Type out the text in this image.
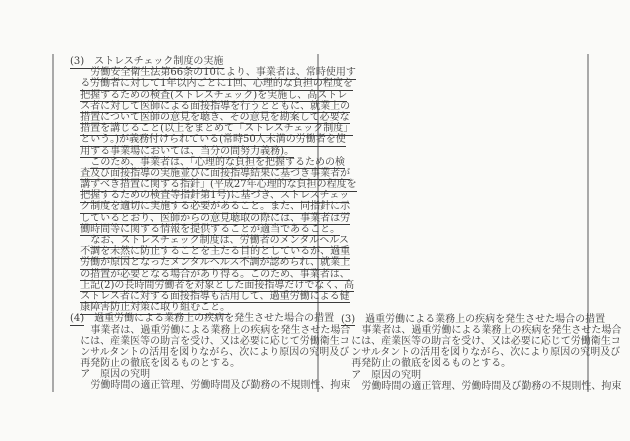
(3)　ストレスチェック制度の実施
労働安全衛生法第66条の10により、事業者は、常時使用す
る労働者に対して1年以内ごとに1回、心理的な負担の程度を
把握するための検査(ストレスチェック)を実施し、高ストレ
ス者に対して医師による面接指導を行うとともに、就業上の
措置について医師の意見を聴き、その意見を勘案して必要な
措置を講じること(以上をまとめて「ストレスチェック制度」
という。)が義務付けられている(常時50人未満の労働者を使
用する事業場においては、当分の間努力義務)。
このため、事業者は、「心理的な負担を把握するための検
査及び面接指導の実施並びに面接指導結果に基づき事業者が
講ずべき措置に関する指針」(平成27年心理的な負担の程度を
把握するための検査等指針第1号)に基づき、ストレスチェッ
ク制度を適切に実施する必要があること。また、同指針に示
しているとおり、医師からの意見聴取の際には、事業者は労
働時間等に関する情報を提供することが適当であること。
なお、ストレスチェック制度は、労働者のメンタルヘルス
不調を未然に防止することを主たる目的としているが、過重
労働が原因となったメンタルヘルス不調が認められ、就業上
の措置が必要となる場合があり得る。このため、事業者は、
上記(2)の長時間労働者を対象とした面接指導だけでなく、高
ストレス者に対する面接指導も活用して、過重労働による健
康障害防止対策に取り組むこと。
(4)　過重労働による業務上の疾病を発生させた場合の措置
事業者は、過重労働による業務上の疾病を発生させた場合
には、産業医等の助言を受け、又は必要に応じて労働衛生コ
ンサルタントの活用を図りながら、次により原因の究明及び
再発防止の徹底を図るものとする。
ア　原因の究明
労働時間の適正管理、労働時間及び勤務の不規則性、拘束
(3)　過重労働による業務上の疾病を発生させた場合の措置
事業者は、過重労働による業務上の疾病を発生させた場合
には、産業医等の助言を受け、又は必要に応じて労働衛生コ
ンサルタントの活用を図りながら、次により原因の究明及び
再発防止の徹底を図るものとする。
ア　原因の究明
労働時間の適正管理、労働時間及び勤務の不規則性、拘束
